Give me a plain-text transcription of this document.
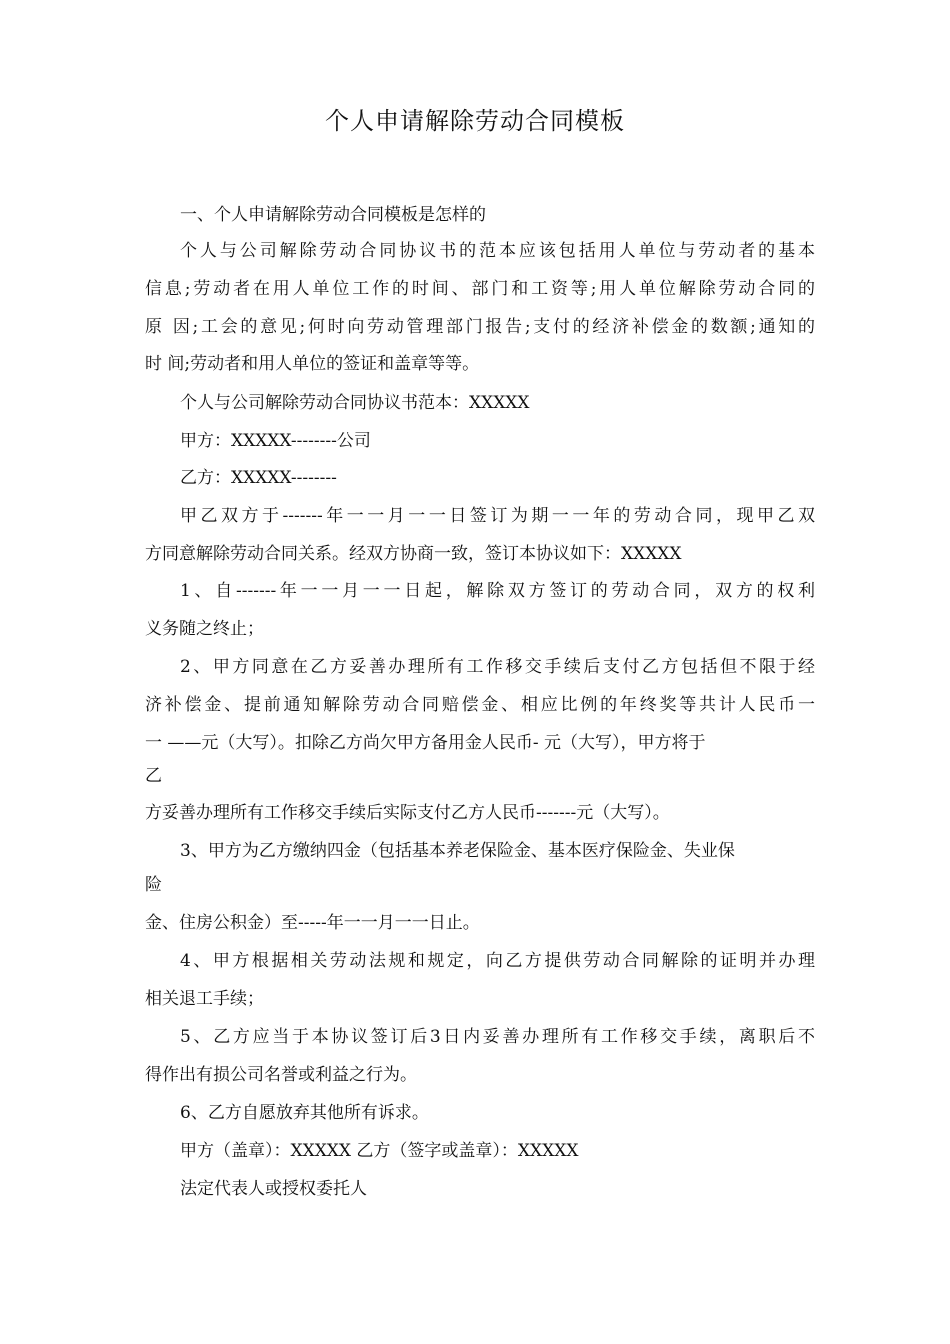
个人申请解除劳动合同模板

一、个人申请解除劳动合同模板是怎样的

个人与公司解除劳动合同协议书的范本应该包括用人单位与劳动者的基本

信息;劳动者在用人单位工作的时间、部门和工资等;用人单位解除劳动合同的

原 因;工会的意见;何时向劳动管理部门报告;支付的经济补偿金的数额;通知的

时 间;劳动者和用人单位的签证和盖章等等。

个人与公司解除劳动合同协议书范本：XXXXX

甲方：XXXXX--------公司

乙方：XXXXX--------

甲乙双方于-------年一一月一一日签订为期一一年的劳动合同，现甲乙双

方同意解除劳动合同关系。经双方协商一致，签订本协议如下：XXXXX

1、自-------年一一月一一日起，解除双方签订的劳动合同，双方的权利

义务随之终止；

2、甲方同意在乙方妥善办理所有工作移交手续后支付乙方包括但不限于经

济补偿金、提前通知解除劳动合同赔偿金、相应比例的年终奖等共计人民币一

一 ——元（大写）。扣除乙方尚欠甲方备用金人民币- 元（大写），甲方将于

乙

方妥善办理所有工作移交手续后实际支付乙方人民币-------元（大写）。

3、甲方为乙方缴纳四金（包括基本养老保险金、基本医疗保险金、失业保

险

金、住房公积金）至-----年一一月一一日止。

4、甲方根据相关劳动法规和规定，向乙方提供劳动合同解除的证明并办理

相关退工手续；

5、乙方应当于本协议签订后3日内妥善办理所有工作移交手续，离职后不

得作出有损公司名誉或利益之行为。

6、乙方自愿放弃其他所有诉求。

甲方（盖章）：XXXXX 乙方（签字或盖章）：XXXXX

法定代表人或授权委托人
